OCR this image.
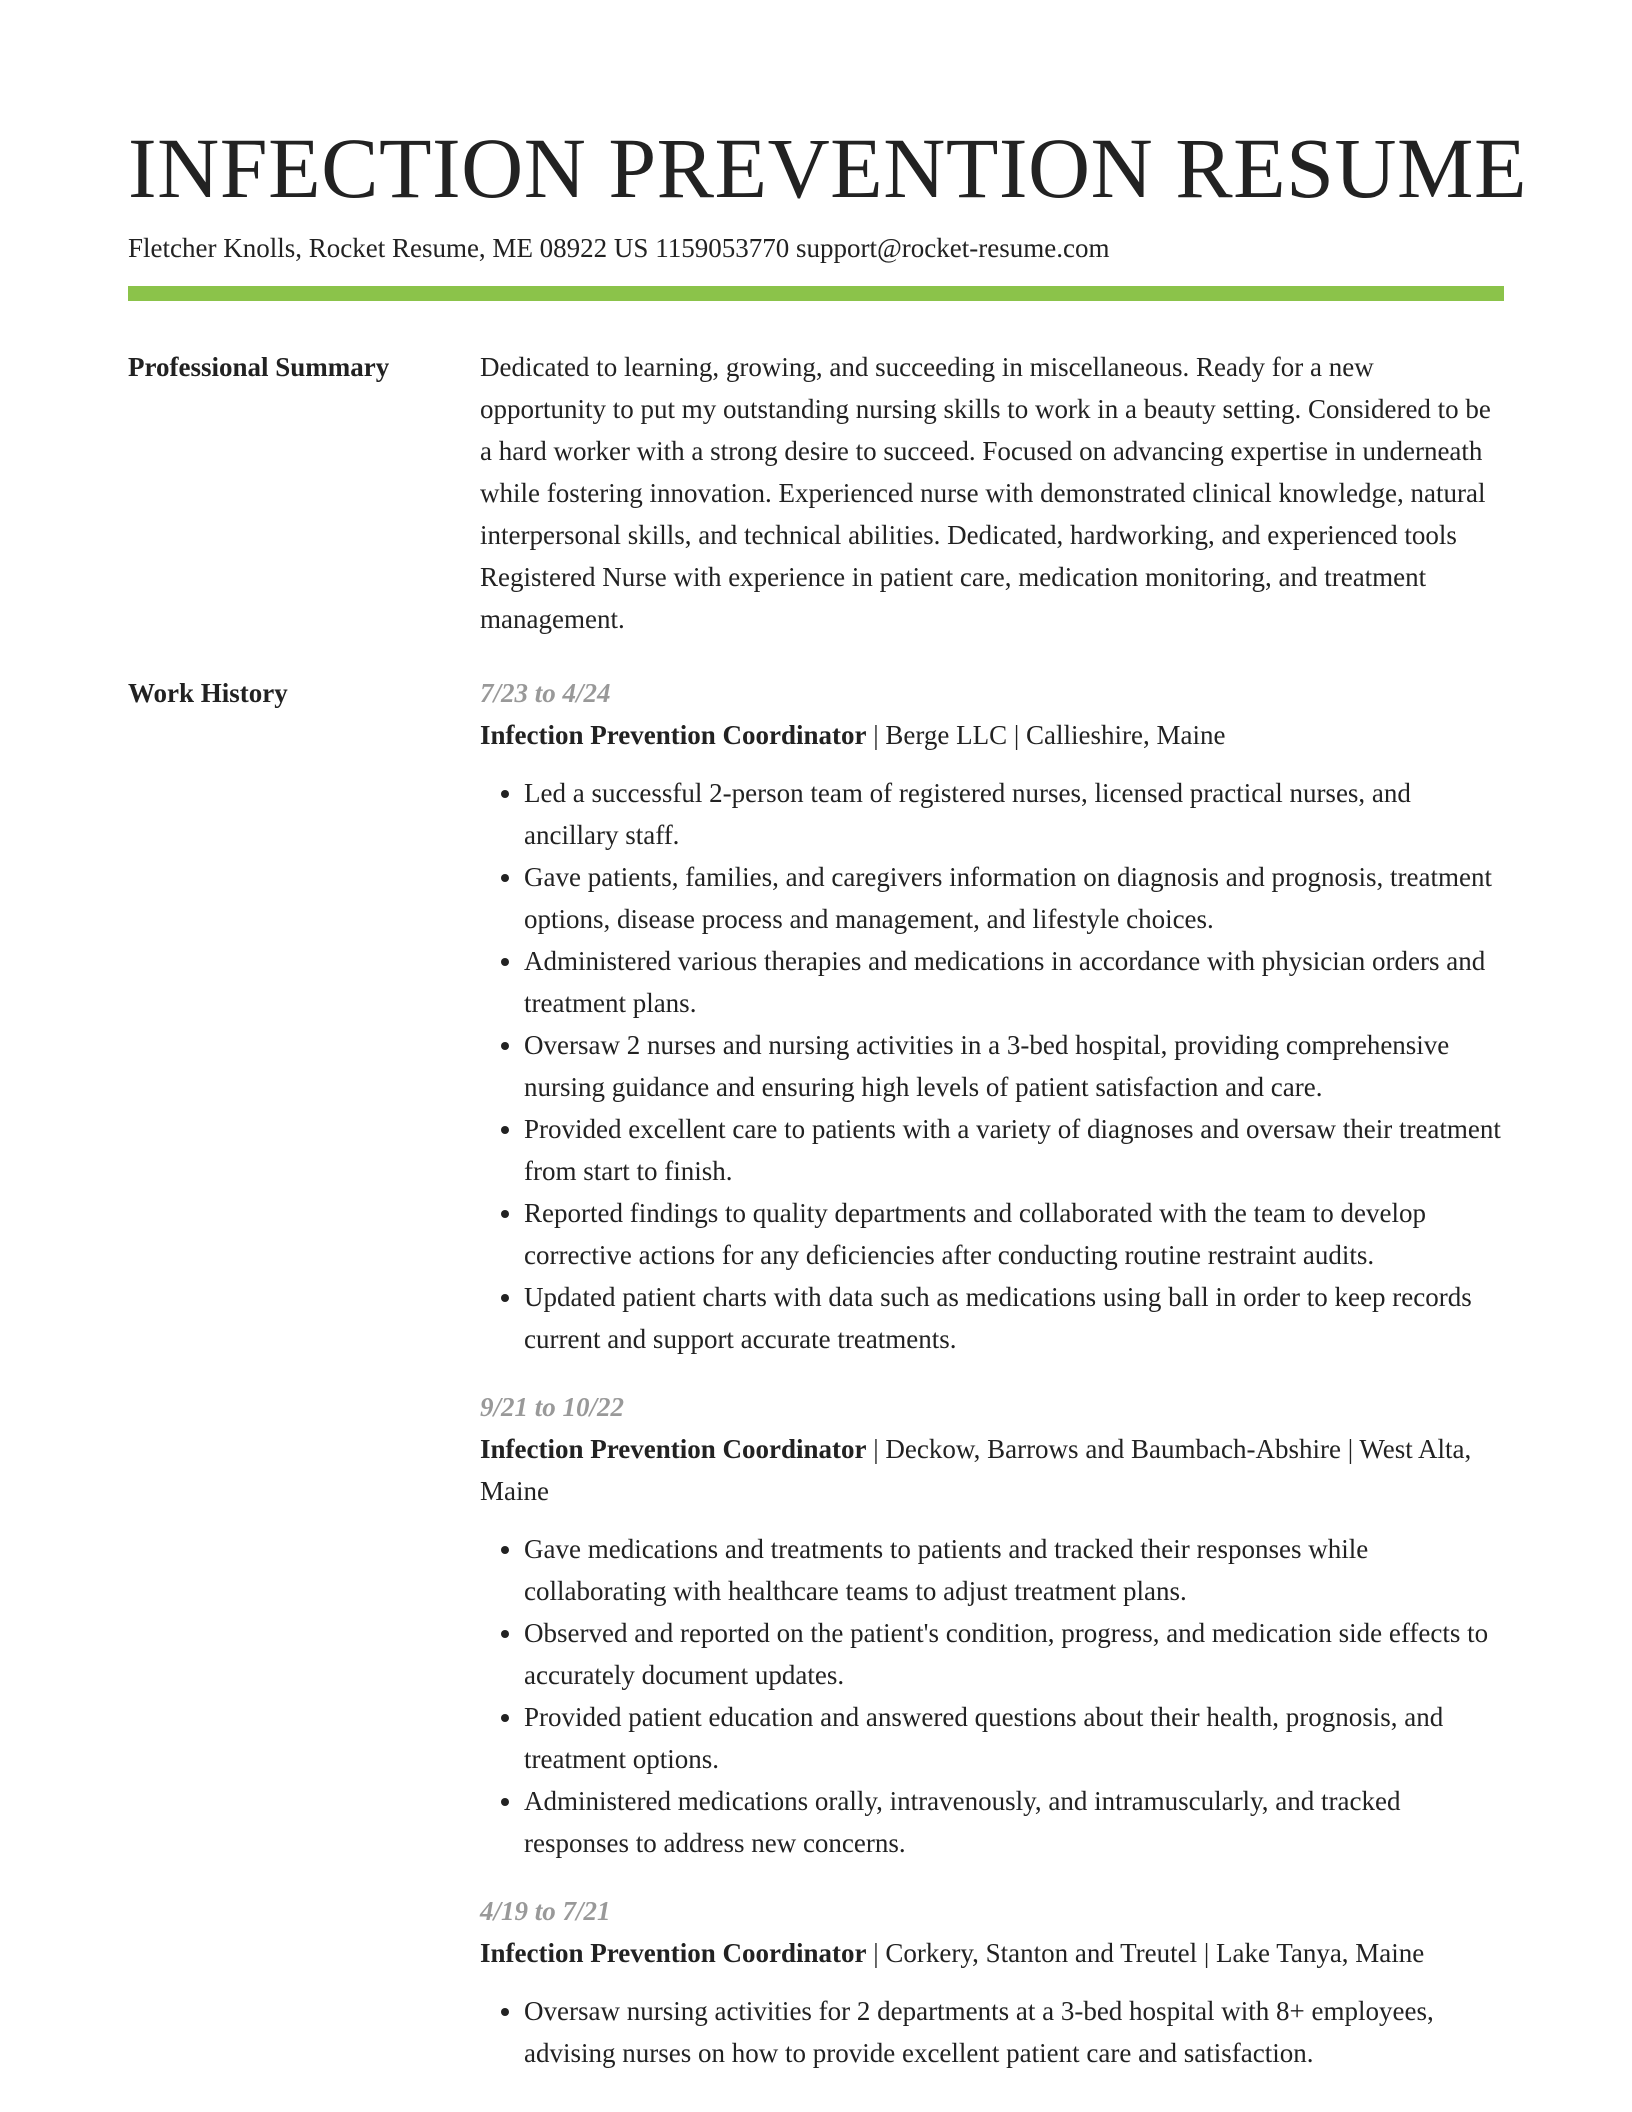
INFECTION PREVENTION RESUME
Fletcher Knolls, Rocket Resume, ME 08922 US 1159053770 support@rocket-resume.com
Professional Summary	Dedicated to learning, growing, and succeeding in miscellaneous. Ready for a new opportunity to put my outstanding nursing skills to work in a beauty setting. Considered to be a hard worker with a strong desire to succeed. Focused on advancing expertise in underneath while fostering innovation. Experienced nurse with demonstrated clinical knowledge, natural interpersonal skills, and technical abilities. Dedicated, hardworking, and experienced tools Registered Nurse with experience in patient care, medication monitoring, and treatment management.

Work History	7/23 to 4/24

Infection Prevention Coordinator | Berge LLC | Callieshire, Maine

• Led a successful 2-person team of registered nurses, licensed practical nurses, and ancillary staff.
• Gave patients, families, and caregivers information on diagnosis and prognosis, treatment options, disease process and management, and lifestyle choices.
• Administered various therapies and medications in accordance with physician orders and treatment plans.
• Oversaw 2 nurses and nursing activities in a 3-bed hospital, providing comprehensive nursing guidance and ensuring high levels of patient satisfaction and care.
• Provided excellent care to patients with a variety of diagnoses and oversaw their treatment from start to finish.
• Reported findings to quality departments and collaborated with the team to develop corrective actions for any deficiencies after conducting routine restraint audits.
• Updated patient charts with data such as medications using ball in order to keep records current and support accurate treatments.

9/21 to 10/22

Infection Prevention Coordinator | Deckow, Barrows and Baumbach-Abshire | West Alta, Maine

• Gave medications and treatments to patients and tracked their responses while collaborating with healthcare teams to adjust treatment plans.
• Observed and reported on the patient's condition, progress, and medication side effects to accurately document updates.
• Provided patient education and answered questions about their health, prognosis, and treatment options.
• Administered medications orally, intravenously, and intramuscularly, and tracked responses to address new concerns.

4/19 to 7/21

Infection Prevention Coordinator | Corkery, Stanton and Treutel | Lake Tanya, Maine

• Oversaw nursing activities for 2 departments at a 3-bed hospital with 8+ employees, advising nurses on how to provide excellent patient care and satisfaction.
